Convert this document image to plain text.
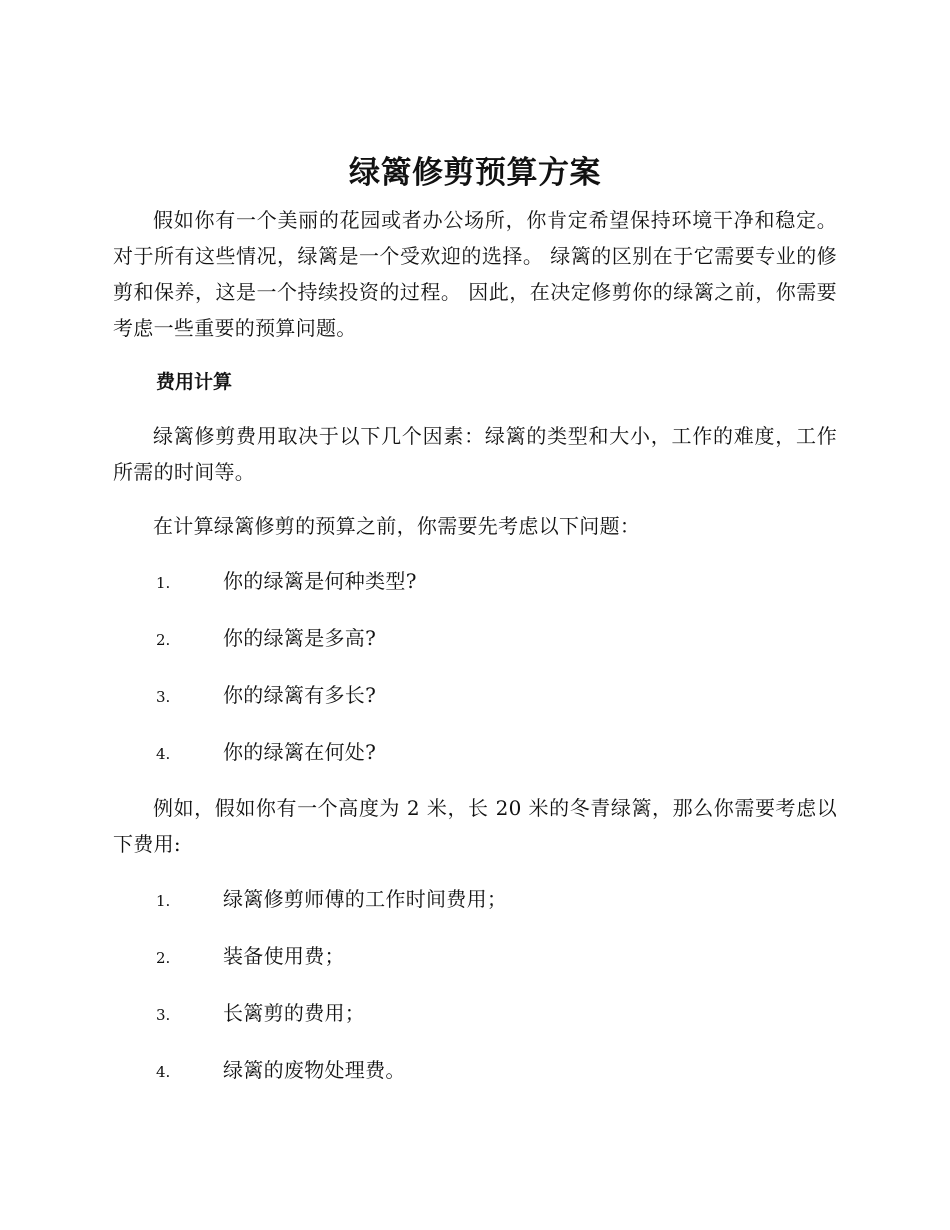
绿篱修剪预算方案

假如你有一个美丽的花园或者办公场所，你肯定希望保持环境干净和稳定。对于所有这些情况，绿篱是一个受欢迎的选择。 绿篱的区别在于它需要专业的修剪和保养，这是一个持续投资的过程。 因此，在决定修剪你的绿篱之前，你需要考虑一些重要的预算问题。

费用计算

绿篱修剪费用取决于以下几个因素：绿篱的类型和大小，工作的难度，工作所需的时间等。

在计算绿篱修剪的预算之前，你需要先考虑以下问题：

1.	你的绿篱是何种类型?
2.	你的绿篱是多高?
3.	你的绿篱有多长?
4.	你的绿篱在何处?

例如，假如你有一个高度为 2 米，长 20 米的冬青绿篱，那么你需要考虑以下费用:

1.	绿篱修剪师傅的工作时间费用；
2.	装备使用费；
3.	长篱剪的费用；
4.	绿篱的废物处理费。
